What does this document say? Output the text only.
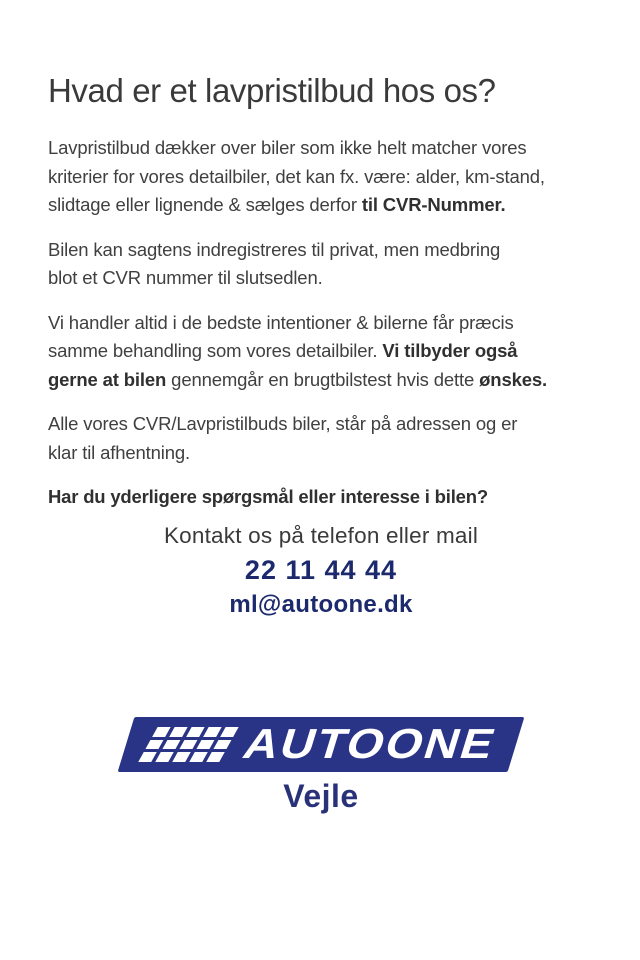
Hvad er et lavpristilbud hos os?
Lavpristilbud dækker over biler som ikke helt matcher vores
kriterier for vores detailbiler, det kan fx. være: alder, km-stand,
slidtage eller lignende & sælges derfor til CVR-Nummer.
Bilen kan sagtens indregistreres til privat, men medbring
blot et CVR nummer til slutsedlen.
Vi handler altid i de bedste intentioner & bilerne får præcis
samme behandling som vores detailbiler. Vi tilbyder også
gerne at bilen gennemgår en brugtbilstest hvis dette ønskes.
Alle vores CVR/Lavpristilbuds biler, står på adressen og er
klar til afhentning.
Har du yderligere spørgsmål eller interesse i bilen?
Kontakt os på telefon eller mail
22 11 44 44
ml@autoone.dk
AUTOONE
Vejle
